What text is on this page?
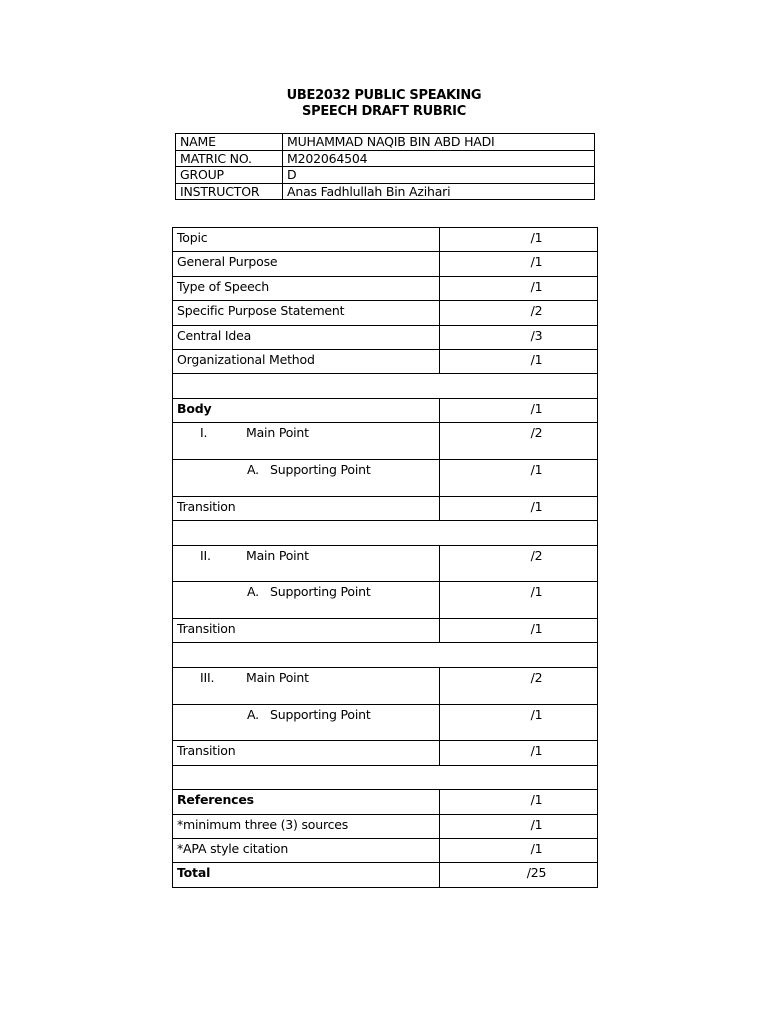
UBE2032 PUBLIC SPEAKING
SPEECH DRAFT RUBRIC
NAME	MUHAMMAD NAQIB BIN ABD HADI
MATRIC NO.	M202064504
GROUP	D
INSTRUCTOR	Anas Fadhlullah Bin Azihari
Topic	/1
General Purpose	/1
Type of Speech	/1
Specific Purpose Statement	/2
Central Idea	/3
Organizational Method	/1

Body	/1
I. Main Point	/2
A. Supporting Point	/1
Transition	/1

II. Main Point	/2
A. Supporting Point	/1
Transition	/1

III. Main Point	/2
A. Supporting Point	/1
Transition	/1

References	/1
*minimum three (3) sources	/1
*APA style citation	/1
Total	/25
